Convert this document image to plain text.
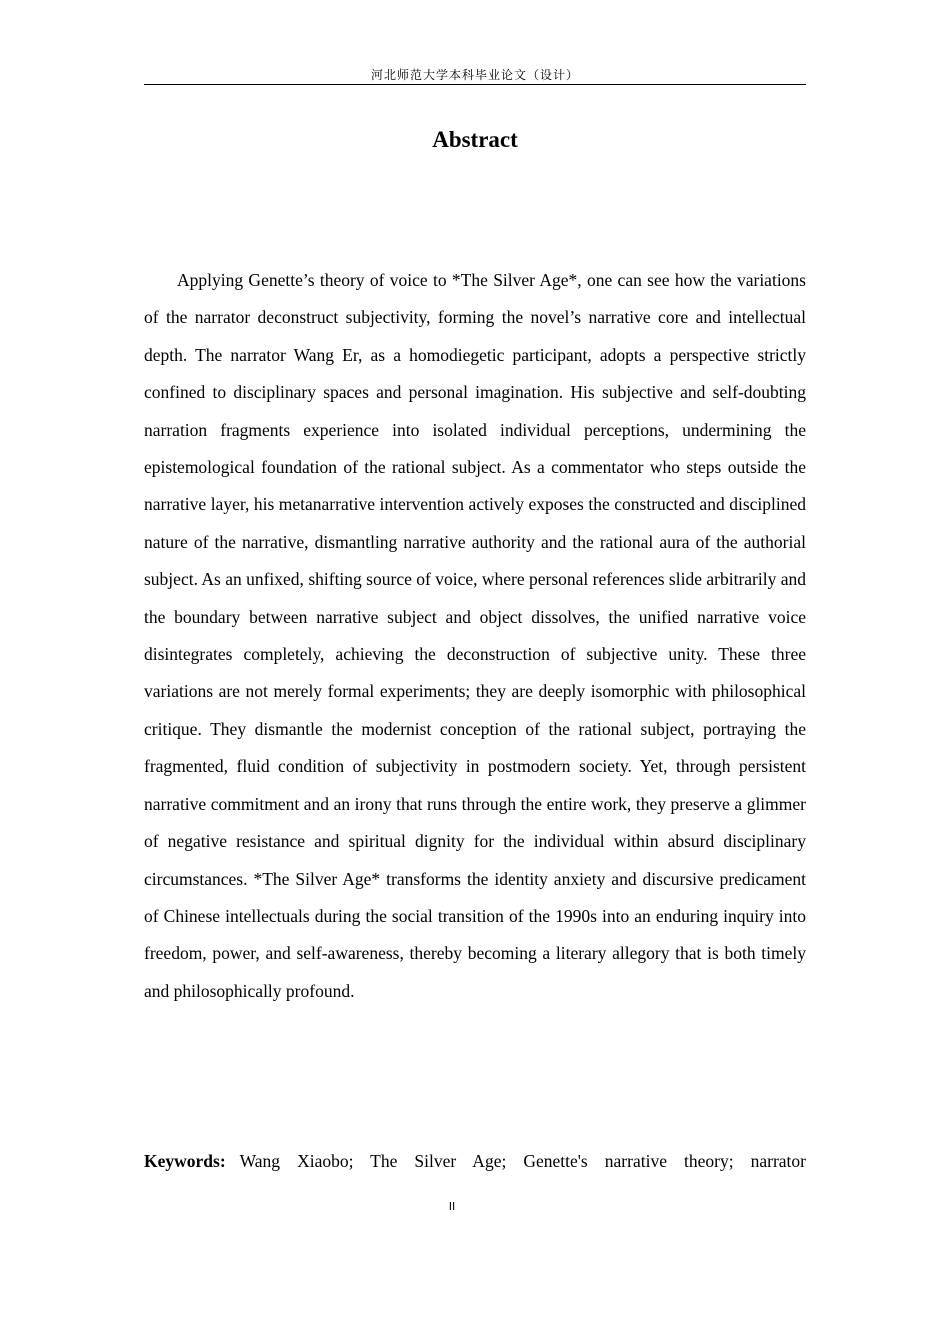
河北师范大学本科毕业论文（设计）
Abstract

Applying Genette’s theory of voice to *The Silver Age*, one can see how the variations of the narrator deconstruct subjectivity, forming the novel’s narrative core and intellectual depth. The narrator Wang Er, as a homodiegetic participant, adopts a perspective strictly confined to disciplinary spaces and personal imagination. His subjective and self-doubting narration fragments experience into isolated individual perceptions, undermining the epistemological foundation of the rational subject. As a commentator who steps outside the narrative layer, his metanarrative intervention actively exposes the constructed and disciplined nature of the narrative, dismantling narrative authority and the rational aura of the authorial subject. As an unfixed, shifting source of voice, where personal references slide arbitrarily and the boundary between narrative subject and object dissolves, the unified narrative voice disintegrates completely, achieving the deconstruction of subjective unity. These three variations are not merely formal experiments; they are deeply isomorphic with philosophical critique. They dismantle the modernist conception of the rational subject, portraying the fragmented, fluid condition of subjectivity in postmodern society. Yet, through persistent narrative commitment and an irony that runs through the entire work, they preserve a glimmer of negative resistance and spiritual dignity for the individual within absurd disciplinary circumstances. *The Silver Age* transforms the identity anxiety and discursive predicament of Chinese intellectuals during the social transition of the 1990s into an enduring inquiry into freedom, power, and self-awareness, thereby becoming a literary allegory that is both timely and philosophically profound.

Keywords: Wang Xiaobo; The Silver Age; Genette's narrative theory; narrator

II
